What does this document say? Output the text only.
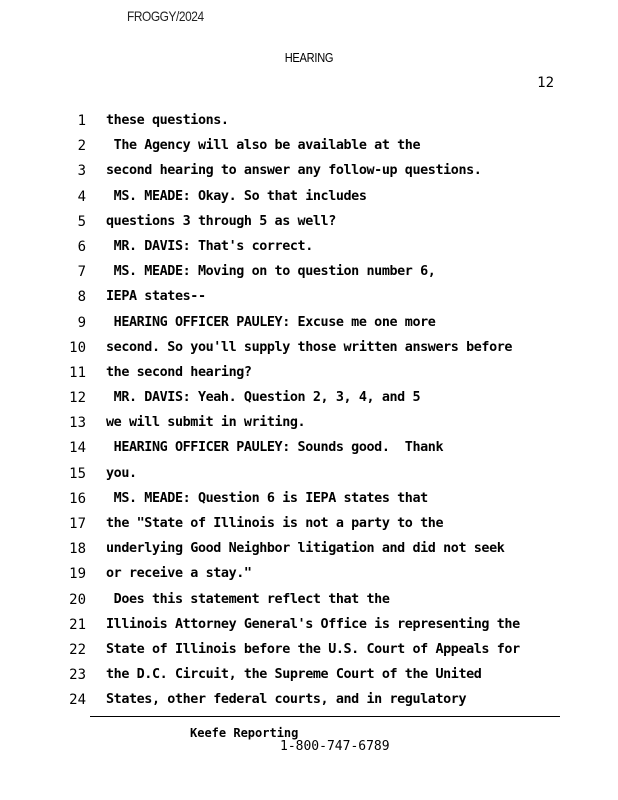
FROGGY/2024
HEARING
12
1 these questions.
2 The Agency will also be available at the
3 second hearing to answer any follow-up questions.
4 MS. MEADE: Okay. So that includes
5 questions 3 through 5 as well?
6 MR. DAVIS: That's correct.
7 MS. MEADE: Moving on to question number 6,
8 IEPA states--
9 HEARING OFFICER PAULEY: Excuse me one more
10 second. So you'll supply those written answers before
11 the second hearing?
12 MR. DAVIS: Yeah. Question 2, 3, 4, and 5
13 we will submit in writing.
14 HEARING OFFICER PAULEY: Sounds good.  Thank
15 you.
16 MS. MEADE: Question 6 is IEPA states that
17 the "State of Illinois is not a party to the
18 underlying Good Neighbor litigation and did not seek
19 or receive a stay."
20 Does this statement reflect that the
21 Illinois Attorney General's Office is representing the
22 State of Illinois before the U.S. Court of Appeals for
23 the D.C. Circuit, the Supreme Court of the United
24 States, other federal courts, and in regulatory
Keefe Reporting
1-800-747-6789
